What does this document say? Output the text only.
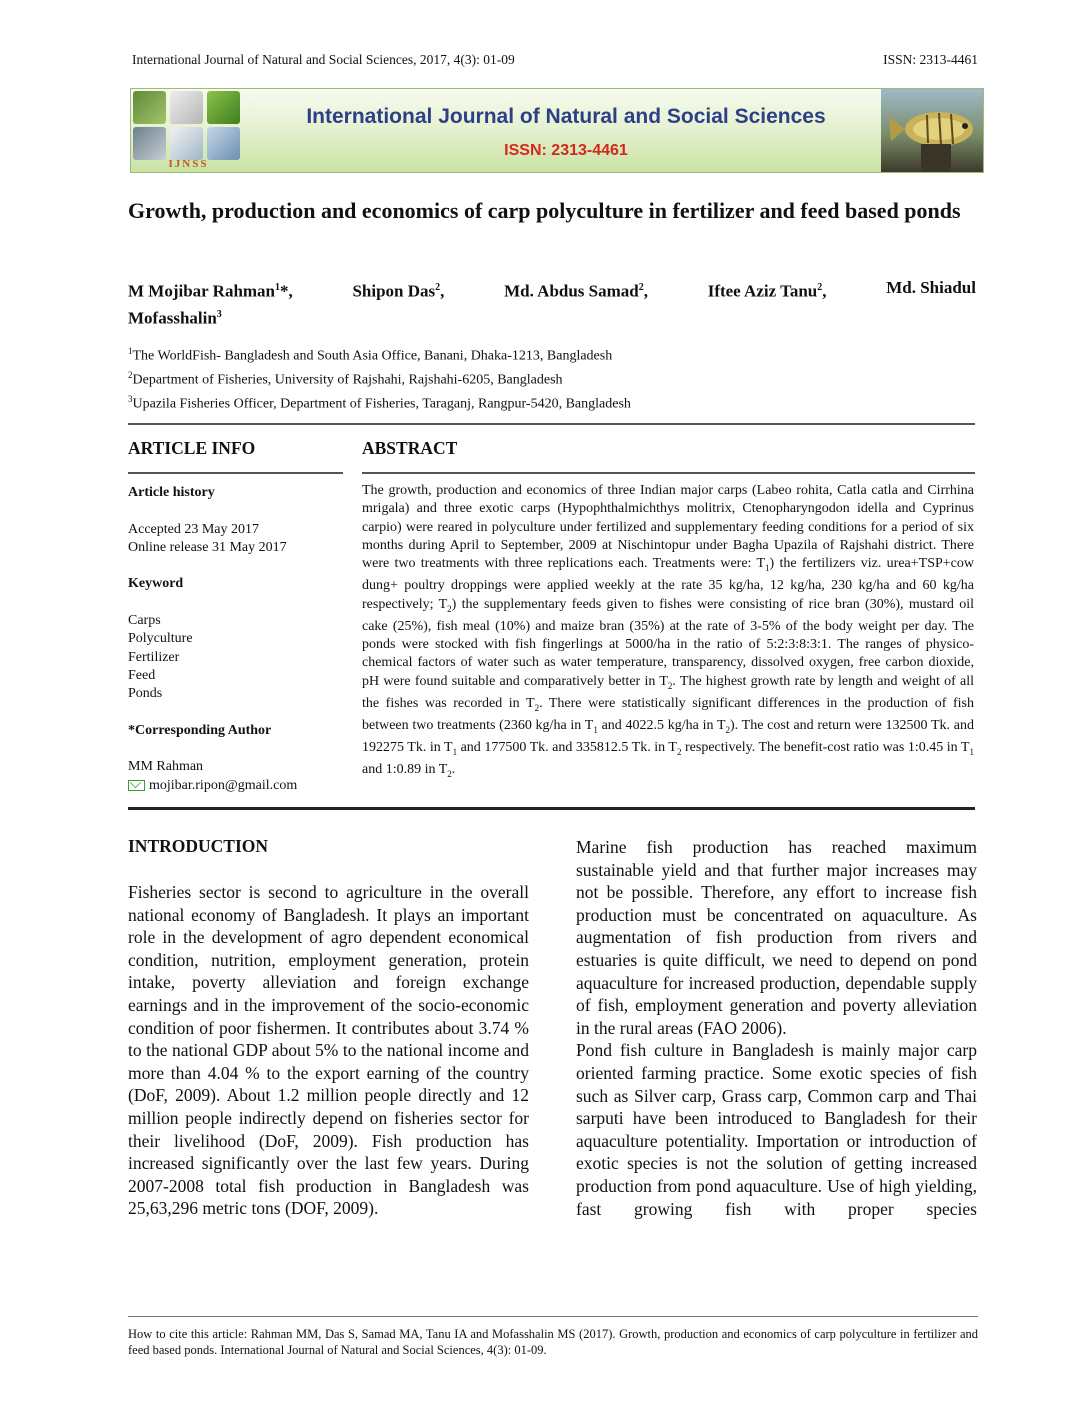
International Journal of Natural and Social Sciences, 2017, 4(3): 01-09	ISSN: 2313-4461
IJNSS
International Journal of Natural and Social Sciences
ISSN: 2313-4461
Growth, production and economics of carp polyculture in fertilizer and feed based ponds
M Mojibar Rahman$^1$*,	Shipon Das$^2$,	Md. Abdus Samad$^2$,	Iftee Aziz Tanu$^2$,	Md. Shiadul
Mofasshalin$^3$
$^1$The WorldFish- Bangladesh and South Asia Office, Banani, Dhaka-1213, Bangladesh
$^2$Department of Fisheries, University of Rajshahi, Rajshahi-6205, Bangladesh
$^3$Upazila Fisheries Officer, Department of Fisheries, Taraganj, Rangpur-5420, Bangladesh
ARTICLE INFO	ABSTRACT
Article history
Accepted 23 May 2017
Online release 31 May 2017
Keyword
Carps
Polyculture
Fertilizer
Feed
Ponds
*Corresponding Author
MM Rahman
mojibar.ripon@gmail.com
The growth, production and economics of three Indian major carps (Labeo rohita, Catla catla and Cirrhina mrigala) and three exotic carps (Hypophthalmichthys molitrix, Ctenopharyngodon idella and Cyprinus carpio) were reared in polyculture under fertilized and supplementary feeding conditions for a period of six months during April to September, 2009 at Nischintopur under Bagha Upazila of Rajshahi district. There were two treatments with three replications each. Treatments were: $T_1$) the fertilizers viz. urea+TSP+cow dung+ poultry droppings were applied weekly at the rate 35 kg/ha, 12 kg/ha, 230 kg/ha and 60 kg/ha respectively; $T_2$) the supplementary feeds given to fishes were consisting of rice bran (30%), mustard oil cake (25%), fish meal (10%) and maize bran (35%) at the rate of 3-5% of the body weight per day. The ponds were stocked with fish fingerlings at 5000/ha in the ratio of 5:2:3:8:3:1. The ranges of physico-chemical factors of water such as water temperature, transparency, dissolved oxygen, free carbon dioxide, pH were found suitable and comparatively better in $T_2$. The highest growth rate by length and weight of all the fishes was recorded in $T_2$. There were statistically significant differences in the production of fish between two treatments (2360 kg/ha in $T_1$ and 4022.5 kg/ha in $T_2$). The cost and return were 132500 Tk. and 192275 Tk. in $T_1$ and 177500 Tk. and 335812.5 Tk. in $T_2$ respectively. The benefit-cost ratio was 1:0.45 in $T_1$ and 1:0.89 in $T_2$.
INTRODUCTION

Fisheries sector is second to agriculture in the overall national economy of Bangladesh. It plays an important role in the development of agro dependent economical condition, nutrition, employment generation, protein intake, poverty alleviation and foreign exchange earnings and in the improvement of the socio-economic condition of poor fishermen. It contributes about 3.74 % to the national GDP about 5% to the national income and more than 4.04 % to the export earning of the country (DoF, 2009). About 1.2 million people directly and 12 million people indirectly depend on fisheries sector for their livelihood (DoF, 2009). Fish production has increased significantly over the last few years. During 2007-2008 total fish production in Bangladesh was 25,63,296 metric tons (DOF, 2009).

Marine fish production has reached maximum sustainable yield and that further major increases may not be possible. Therefore, any effort to increase fish production must be concentrated on aquaculture. As augmentation of fish production from rivers and estuaries is quite difficult, we need to depend on pond aquaculture for increased production, dependable supply of fish, employment generation and poverty alleviation in the rural areas (FAO 2006).

Pond fish culture in Bangladesh is mainly major carp oriented farming practice. Some exotic species of fish such as Silver carp, Grass carp, Common carp and Thai sarputi have been introduced to Bangladesh for their aquaculture potentiality. Importation or introduction of exotic species is not the solution of getting increased production from pond aquaculture. Use of high yielding, fast growing fish with proper species

How to cite this article: Rahman MM, Das S, Samad MA, Tanu IA and Mofasshalin MS (2017). Growth, production and economics of carp polyculture in fertilizer and feed based ponds. International Journal of Natural and Social Sciences, 4(3): 01-09.
